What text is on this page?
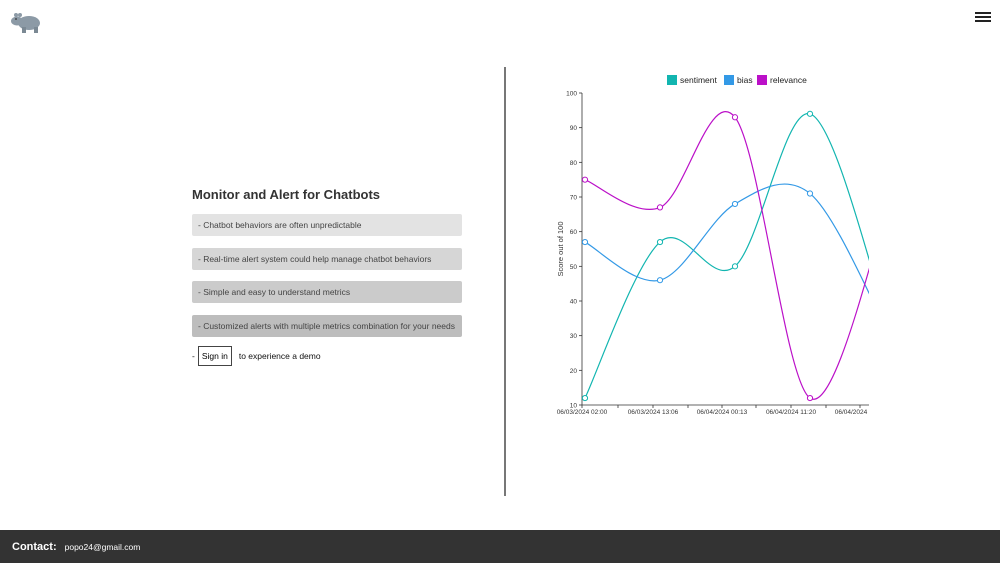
Monitor and Alert for Chatbots
- Chatbot behaviors are often unpredictable
- Real-time alert system could help manage chatbot behaviors
- Simple and easy to understand metrics
- Customized alerts with multiple metrics combination for your needs
- Sign in	to experience a demo
Score out of 100
10
20
30
40
50
60
70
80
90
100
06/03/2024 02:00	06/03/2024 13:06	06/04/2024 00:13	06/04/2024 11:20	06/04/2024
sentiment bias relevance
Contact: popo24@gmail.com
